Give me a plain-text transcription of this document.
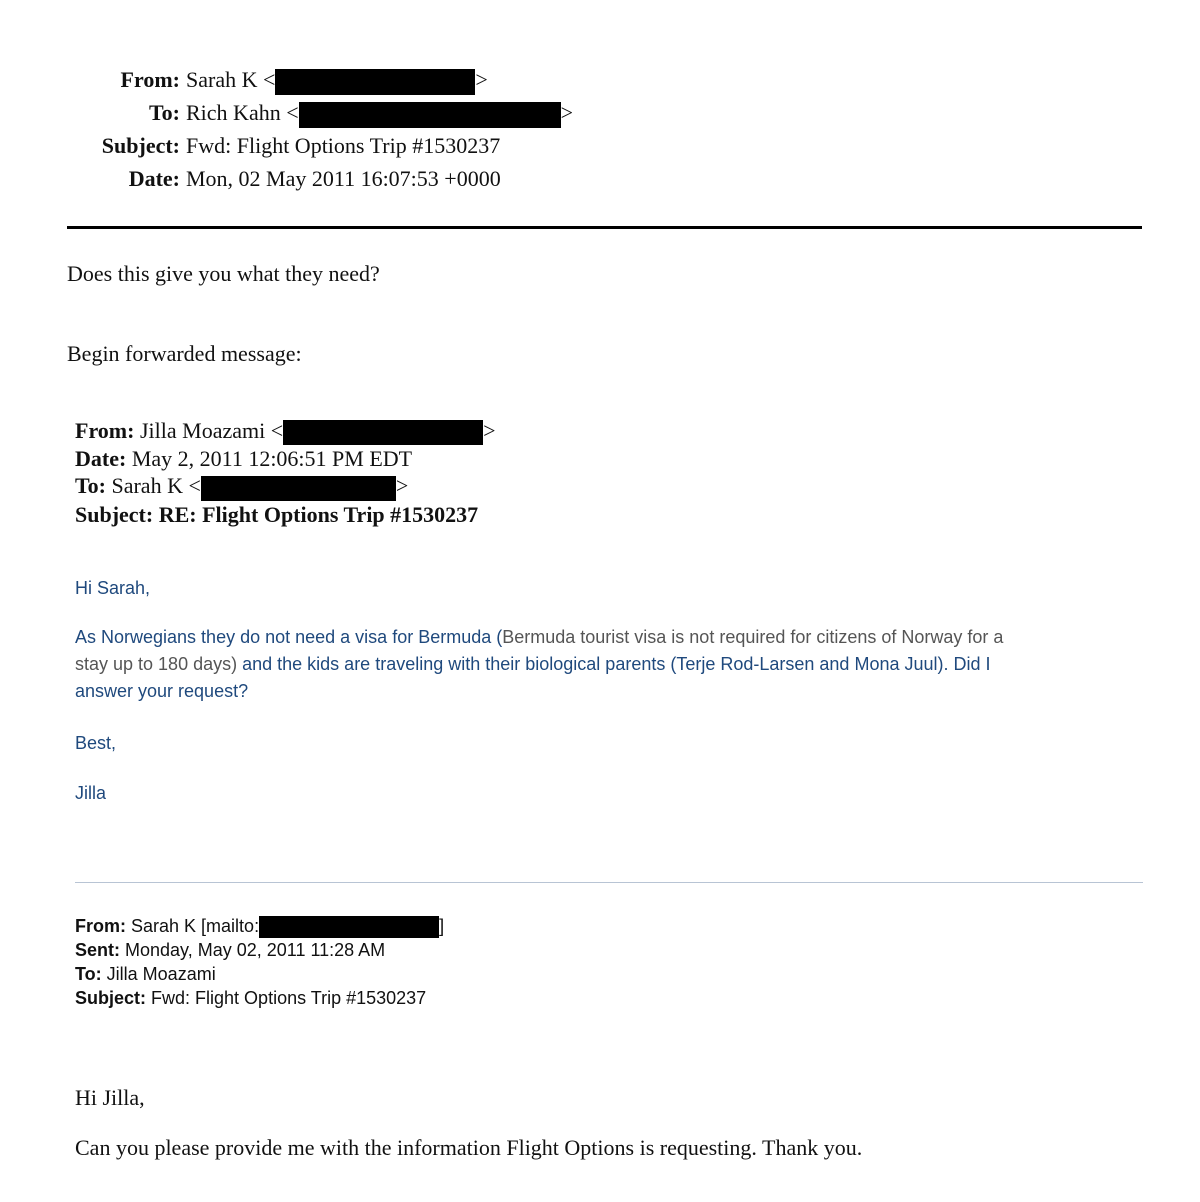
From: Sarah K <	>
To: Rich Kahn <	>
Subject: Fwd: Flight Options Trip #1530237
Date: Mon, 02 May 2011 16:07:53 +0000
Does this give you what they need?
Begin forwarded message:
From: Jilla Moazami <	>
Date: May 2, 2011 12:06:51 PM EDT
To: Sarah K <	>
Subject: RE: Flight Options Trip #1530237
Hi Sarah,
As Norwegians they do not need a visa for Bermuda (Bermuda tourist visa is not required for citizens of Norway for a
stay up to 180 days) and the kids are traveling with their biological parents (Terje Rod-Larsen and Mona Juul). Did I
answer your request?
Best,
Jilla
From: Sarah K [mailto:	]
Sent: Monday, May 02, 2011 11:28 AM
To: Jilla Moazami
Subject: Fwd: Flight Options Trip #1530237
Hi Jilla,
Can you please provide me with the information Flight Options is requesting. Thank you.
